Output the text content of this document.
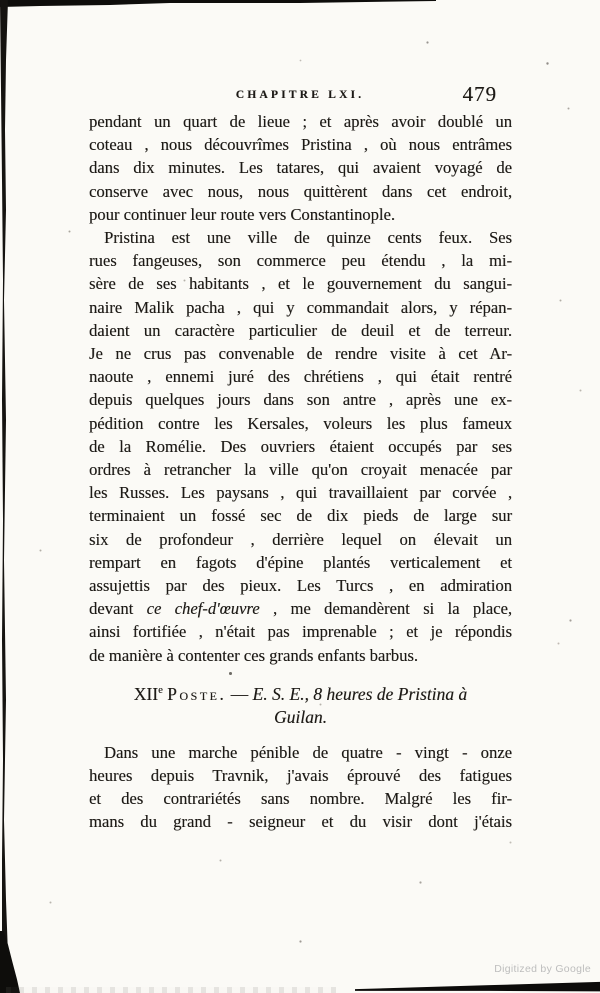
CHAPITRE LXI.	479
pendant un quart de lieue ; et après avoir doublé un
coteau , nous découvrîmes Pristina , où nous entrâmes
dans dix minutes. Les tatares, qui avaient voyagé de
conserve avec nous, nous quittèrent dans cet endroit,
pour continuer leur route vers Constantinople.
Pristina est une ville de quinze cents feux. Ses
rues fangeuses, son commerce peu étendu , la mi-
sère de ses habitants , et le gouvernement du sangui-
naire Malik pacha , qui y commandait alors, y répan-
daient un caractère particulier de deuil et de terreur.
Je ne crus pas convenable de rendre visite à cet Ar-
naoute , ennemi juré des chrétiens , qui était rentré
depuis quelques jours dans son antre , après une ex-
pédition contre les Kersales, voleurs les plus fameux
de la Romélie. Des ouvriers étaient occupés par ses
ordres à retrancher la ville qu'on croyait menacée par
les Russes. Les paysans , qui travaillaient par corvée ,
terminaient un fossé sec de dix pieds de large sur
six de profondeur , derrière lequel on élevait un
rempart en fagots d'épine plantés verticalement et
assujettis par des pieux. Les Turcs , en admiration
devant ce chef-d'œuvre , me demandèrent si la place,
ainsi fortifiée , n'était pas imprenable ; et je répondis
de manière à contenter ces grands enfants barbus.
XIIe Poste. — E. S. E., 8 heures de Pristina à
Guilan.
Dans une marche pénible de quatre - vingt - onze
heures depuis Travnik, j'avais éprouvé des fatigues
et des contrariétés sans nombre. Malgré les fir-
mans du grand - seigneur et du visir dont j'étais
Digitized by Google
